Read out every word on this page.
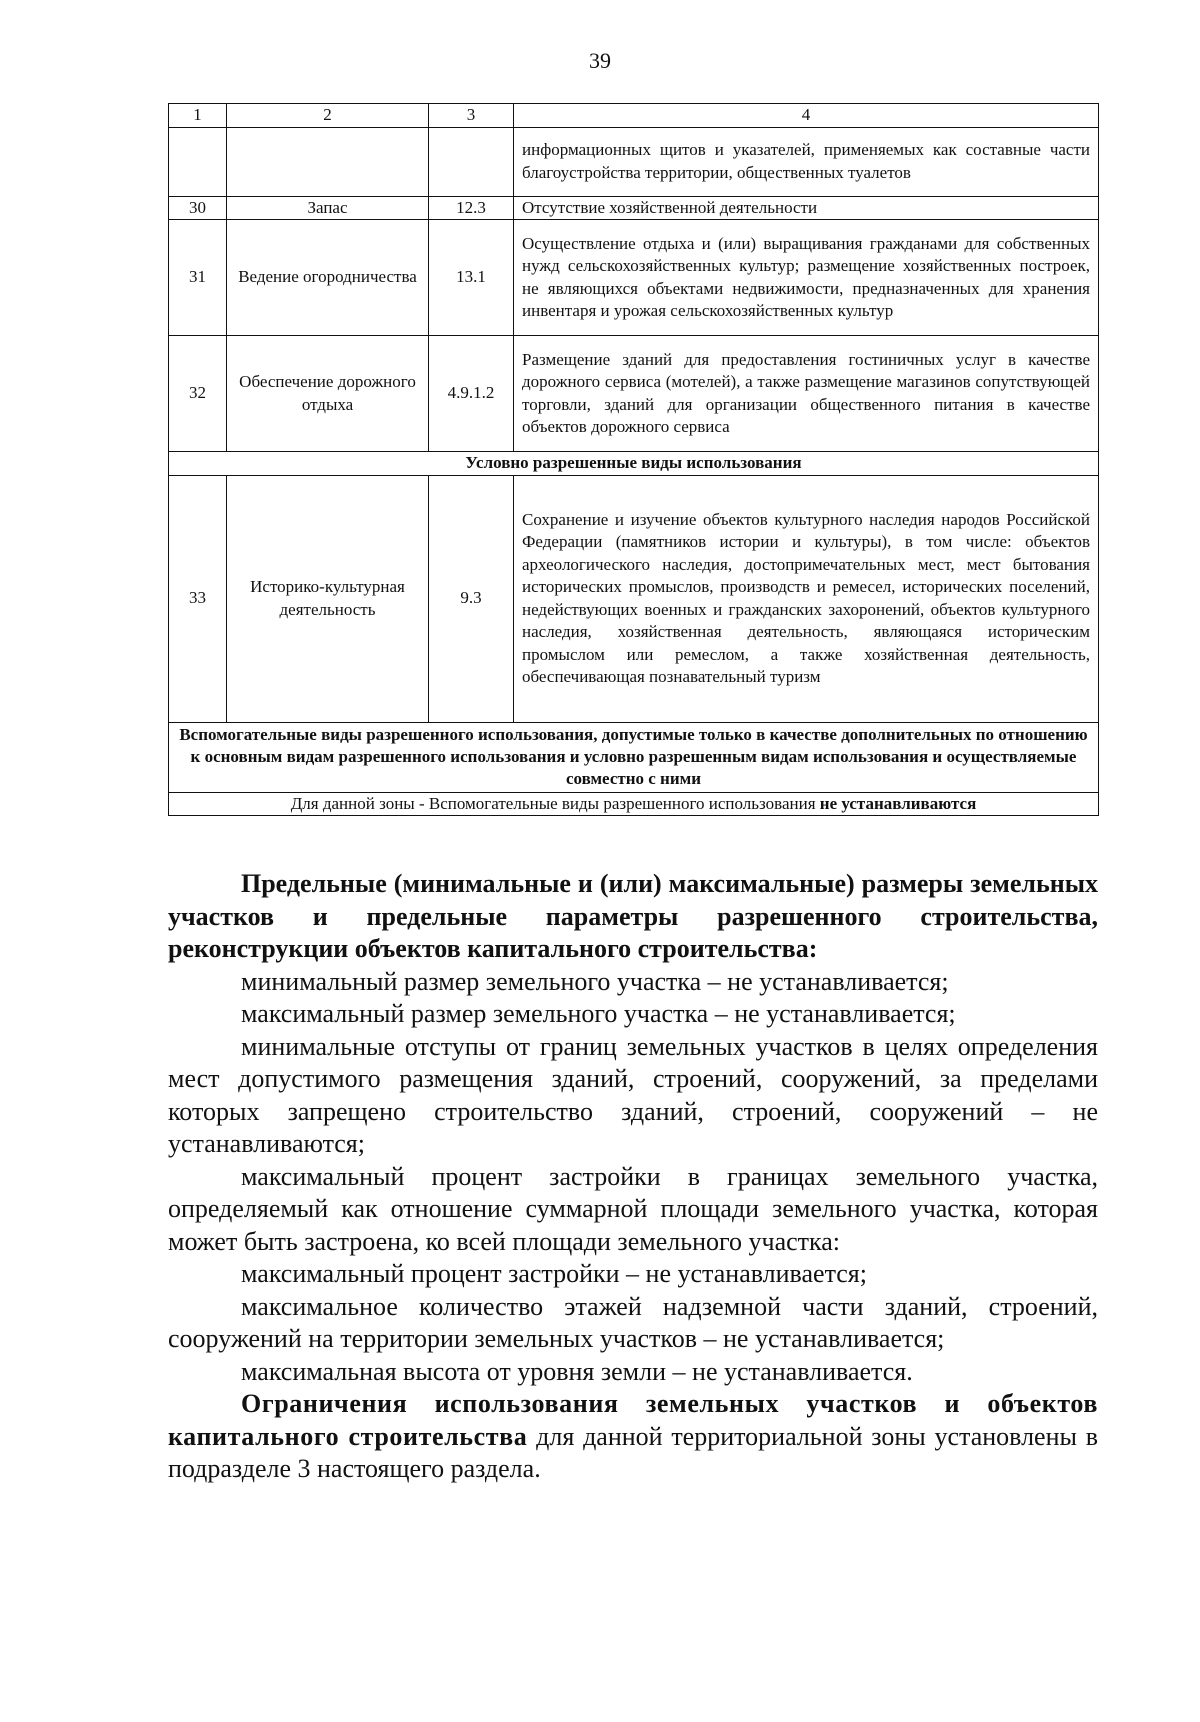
39
1	2	3	4
			информационных щитов и указателей, применяемых как составные части благоустройства территории, общественных туалетов
30	Запас	12.3	Отсутствие хозяйственной деятельности
31	Ведение огородничества	13.1	Осуществление отдыха и (или) выращивания гражданами для собственных нужд сельскохозяйственных культур; размещение хозяйственных построек, не являющихся объектами недвижимости, предназначенных для хранения инвентаря и урожая сельскохозяйственных культур
32	Обеспечение дорожного отдыха	4.9.1.2	Размещение зданий для предоставления гостиничных услуг в качестве дорожного сервиса (мотелей), а также размещение магазинов сопутствующей торговли, зданий для организации общественного питания в качестве объектов дорожного сервиса
Условно разрешенные виды использования			
33	Историко-культурная деятельность	9.3	Сохранение и изучение объектов культурного наследия народов Российской Федерации (памятников истории и культуры), в том числе: объектов археологического наследия, достопримечательных мест, мест бытования исторических промыслов, производств и ремесел, исторических поселений, недействующих военных и гражданских захоронений, объектов культурного наследия, хозяйственная деятельность, являющаяся историческим промыслом или ремеслом, а также хозяйственная деятельность, обеспечивающая познавательный туризм
Вспомогательные виды разрешенного использования, допустимые только в качестве дополнительных по отношению к основным видам разрешенного использования и условно разрешенным видам использования и осуществляемые совместно с ними			
Для данной зоны - Вспомогательные виды разрешенного использования не устанавливаются			

Предельные (минимальные и (или) максимальные) размеры земельных участков и предельные параметры разрешенного строительства, реконструкции объектов капитального строительства:

минимальный размер земельного участка – не устанавливается;

максимальный размер земельного участка – не устанавливается;

минимальные отступы от границ земельных участков в целях определения мест допустимого размещения зданий, строений, сооружений, за пределами которых запрещено строительство зданий, строений, сооружений – не устанавливаются;

максимальный процент застройки в границах земельного участка, определяемый как отношение суммарной площади земельного участка, которая может быть застроена, ко всей площади земельного участка:

максимальный процент застройки – не устанавливается;

максимальное количество этажей надземной части зданий, строений, сооружений на территории земельных участков – не устанавливается;

максимальная высота от уровня земли – не устанавливается.

Ограничения использования земельных участков и объектов капитального строительства для данной территориальной зоны установлены в подразделе 3 настоящего раздела.
